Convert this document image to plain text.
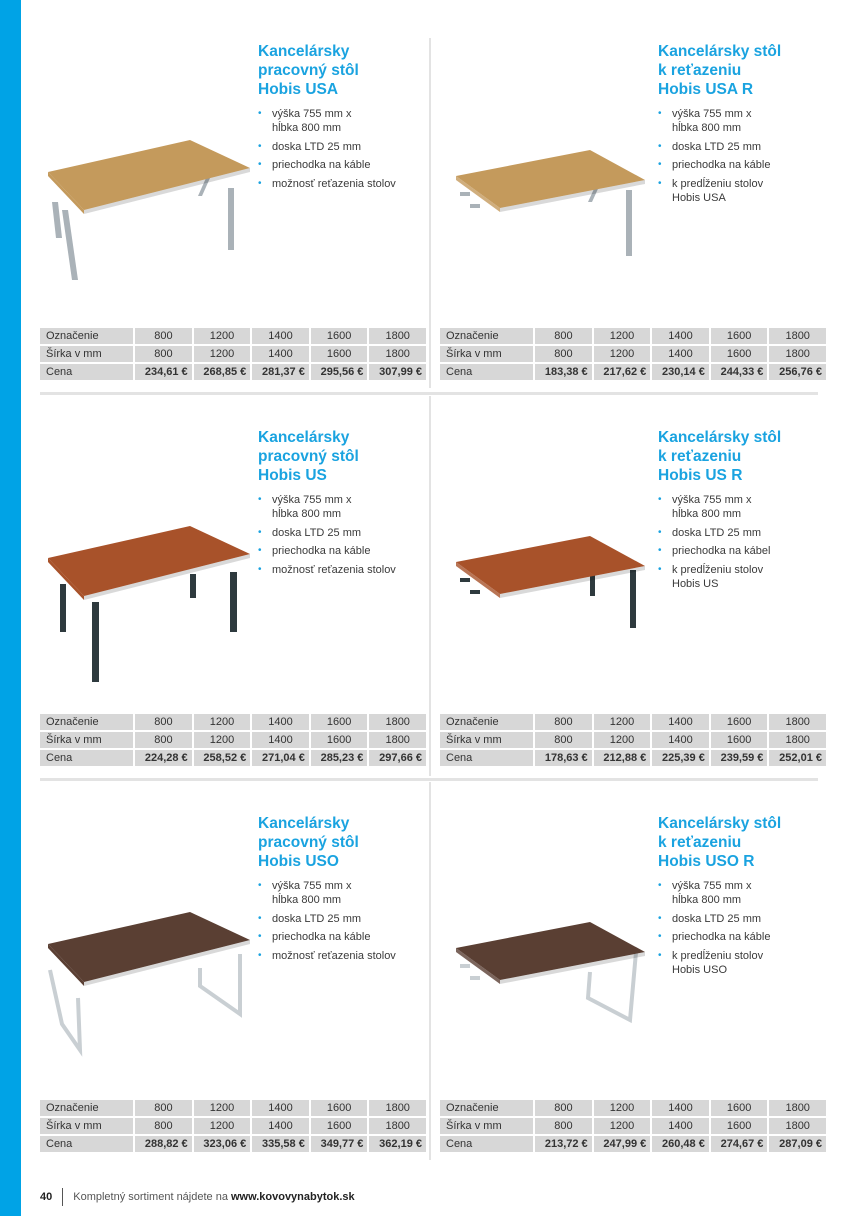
Kancelársky
pracovný stôl
Hobis USA
• výška 755 mm x
hĺbka 800 mm
• doska LTD 25 mm
• priechodka na káble
• možnosť reťazenia stolov
Označenie	800	1200	1400	1600	1800
Šírka v mm	800	1200	1400	1600	1800
Cena	234,61 €	268,85 €	281,37 €	295,56 €	307,99 €
Kancelársky stôl
k reťazeniu
Hobis USA R
• výška 755 mm x
hĺbka 800 mm
• doska LTD 25 mm
• priechodka na káble
• k predĺženiu stolov
Hobis USA
Označenie	800	1200	1400	1600	1800
Šírka v mm	800	1200	1400	1600	1800
Cena	183,38 €	217,62 €	230,14 €	244,33 €	256,76 €
Kancelársky
pracovný stôl
Hobis US
• výška 755 mm x
hĺbka 800 mm
• doska LTD 25 mm
• priechodka na káble
• možnosť reťazenia stolov
Označenie	800	1200	1400	1600	1800
Šírka v mm	800	1200	1400	1600	1800
Cena	224,28 €	258,52 €	271,04 €	285,23 €	297,66 €
Kancelársky stôl
k reťazeniu
Hobis US R
• výška 755 mm x
hĺbka 800 mm
• doska LTD 25 mm
• priechodka na kábel
• k predĺženiu stolov
Hobis US
Označenie	800	1200	1400	1600	1800
Šírka v mm	800	1200	1400	1600	1800
Cena	178,63 €	212,88 €	225,39 €	239,59 €	252,01 €
Kancelársky
pracovný stôl
Hobis USO
• výška 755 mm x
hĺbka 800 mm
• doska LTD 25 mm
• priechodka na káble
• možnosť reťazenia stolov
Označenie	800	1200	1400	1600	1800
Šírka v mm	800	1200	1400	1600	1800
Cena	288,82 €	323,06 €	335,58 €	349,77 €	362,19 €
Kancelársky stôl
k reťazeniu
Hobis USO R
• výška 755 mm x
hĺbka 800 mm
• doska LTD 25 mm
• priechodka na káble
• k predĺženiu stolov
Hobis USO
Označenie	800	1200	1400	1600	1800
Šírka v mm	800	1200	1400	1600	1800
Cena	213,72 €	247,99 €	260,48 €	274,67 €	287,09 €
40 Kompletný sortiment nájdete na www.kovovynabytok.sk
